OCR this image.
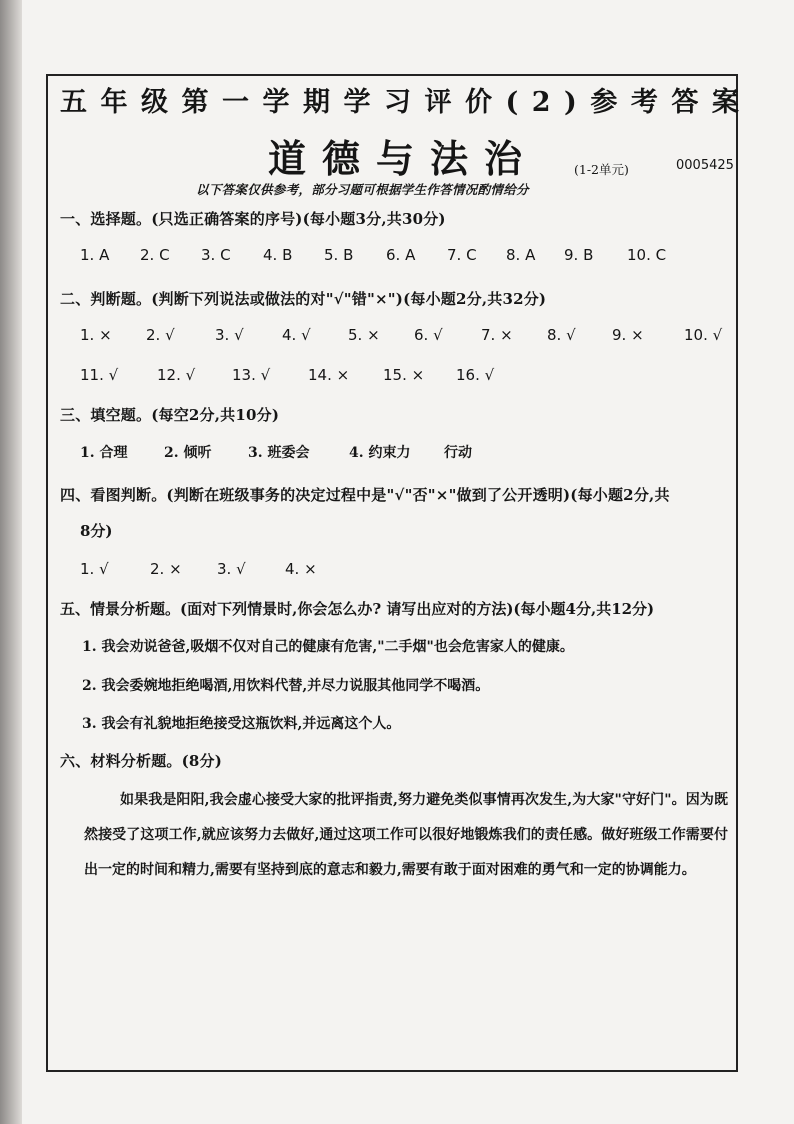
五年级第一学期学习评价(2)参考答案
道德与法治	(1-2单元)	0005425
以下答案仅供参考，部分习题可根据学生作答情况酌情给分
一、选择题。(只选正确答案的序号)(每小题3分,共30分)
1. A 2. C 3. C 4. B 5. B 6. A 7. C 8. A 9. B 10. C
二、判断题。(判断下列说法或做法的对"√"错"×")(每小题2分,共32分)
1. × 2. √	3. √	4. √ 5. × 6. √	7. × 8. √ 9. ×	10. √
11. √	12. √ 13. √	14. × 15. × 16. √
三、填空题。(每空2分,共10分)
1. 合理	2. 倾听	3. 班委会	4. 约束力 行动
四、看图判断。(判断在班级事务的决定过程中是"√"否"×"做到了公开透明)(每小题2分,共
8分)
1. √	2. × 3. √	4. ×
五、情景分析题。(面对下列情景时,你会怎么办? 请写出应对的方法)(每小题4分,共12分)
1. 我会劝说爸爸,吸烟不仅对自己的健康有危害,"二手烟"也会危害家人的健康。
2. 我会委婉地拒绝喝酒,用饮料代替,并尽力说服其他同学不喝酒。
3. 我会有礼貌地拒绝接受这瓶饮料,并远离这个人。
六、材料分析题。(8分)
如果我是阳阳,我会虚心接受大家的批评指责,努力避免类似事情再次发生,为大家"守好门"。因为既然接受了这项工作,就应该努力去做好,通过这项工作可以很好地锻炼我们的责任感。做好班级工作需要付出一定的时间和精力,需要有坚持到底的意志和毅力,需要有敢于面对困难的勇气和一定的协调能力。
